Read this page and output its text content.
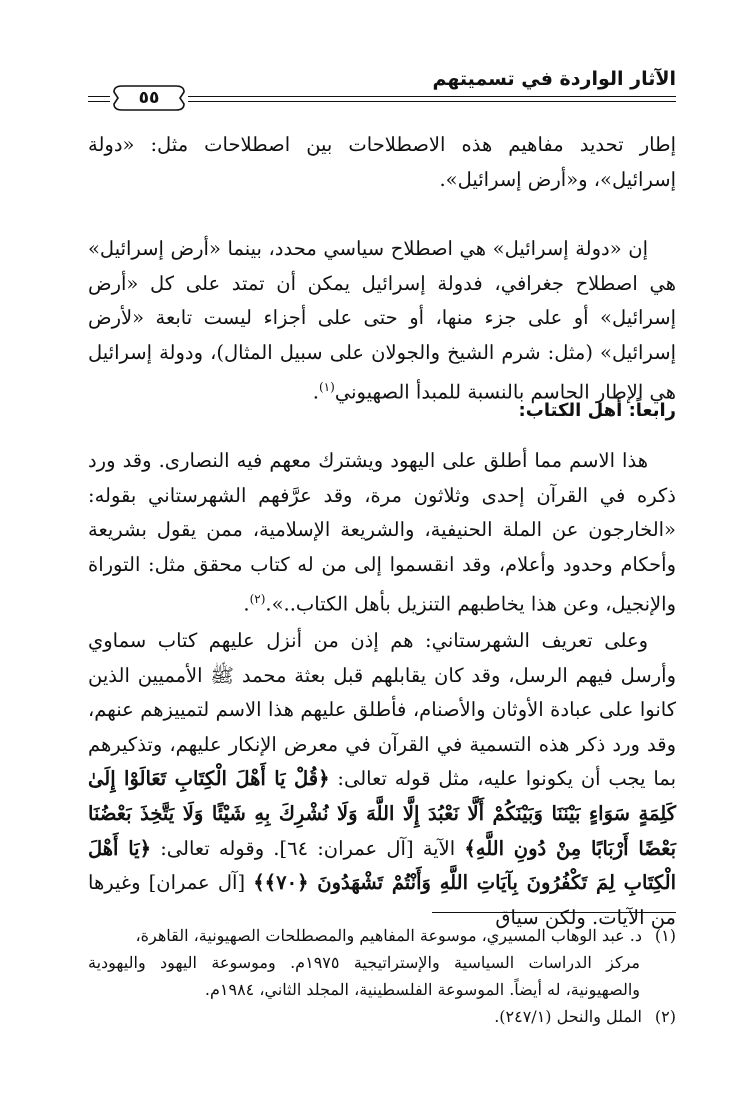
الآثار الواردة في تسميتهم
٥٥

إطار تحديد مفاهيم هذه الاصطلاحات بين اصطلاحات مثل: «دولة إسرائيل»، و«أرض إسرائيل».

إن «دولة إسرائيل» هي اصطلاح سياسي محدد، بينما «أرض إسرائيل» هي اصطلاح جغرافي، فدولة إسرائيل يمكن أن تمتد على كل «أرض إسرائيل» أو على جزء منها، أو حتى على أجزاء ليست تابعة «لأرض إسرائيل» (مثل: شرم الشيخ والجولان على سبيل المثال)، ودولة إسرائيل هي الإطار الحاسم بالنسبة للمبدأ الصهيوني$^{(١)}$.
رابعاً: أهل الكتاب:
هذا الاسم مما أطلق على اليهود ويشترك معهم فيه النصارى. وقد ورد ذكره في القرآن إحدى وثلاثون مرة، وقد عرَّفهم الشهرستاني بقوله: «الخارجون عن الملة الحنيفية، والشريعة الإسلامية، ممن يقول بشريعة وأحكام وحدود وأعلام، وقد انقسموا إلى من له كتاب محقق مثل: التوراة والإنجيل، وعن هذا يخاطبهم التنزيل بأهل الكتاب..».$^{(٢)}$.
وعلى تعريف الشهرستاني: هم إذن من أنزل عليهم كتاب سماوي وأرسل فيهم الرسل، وقد كان يقابلهم قبل بعثة محمد ﷺ الأمميين الذين كانوا على عبادة الأوثان والأصنام، فأطلق عليهم هذا الاسم لتمييزهم عنهم، وقد ورد ذكر هذه التسمية في القرآن في معرض الإنكار عليهم، وتذكيرهم بما يجب أن يكونوا عليه، مثل قوله تعالى: ﴿قُلْ يَا أَهْلَ الْكِتَابِ تَعَالَوْا إِلَىٰ كَلِمَةٍ سَوَاءٍ بَيْنَنَا وَبَيْنَكُمْ أَلَّا نَعْبُدَ إِلَّا اللَّهَ وَلَا نُشْرِكَ بِهِ شَيْئًا وَلَا يَتَّخِذَ بَعْضُنَا بَعْضًا أَرْبَابًا مِنْ دُونِ اللَّهِ﴾ الآية [آل عمران: ٦٤]. وقوله تعالى: ﴿يَا أَهْلَ الْكِتَابِ لِمَ تَكْفُرُونَ بِآيَاتِ اللَّهِ وَأَنْتُمْ تَشْهَدُونَ ﴿٧٠﴾﴾ [آل عمران] وغيرها من الآيات. ولكن سياق

(١)د. عبد الوهاب المسيري، موسوعة المفاهيم والمصطلحات الصهيونية، القاهرة،

مركز الدراسات السياسية والإستراتيجية ١٩٧٥م. وموسوعة اليهود واليهودية والصهيونية، له أيضاً. الموسوعة الفلسطينية، المجلد الثاني، ١٩٨٤م.

(٢)الملل والنحل (٢٤٧/١).
